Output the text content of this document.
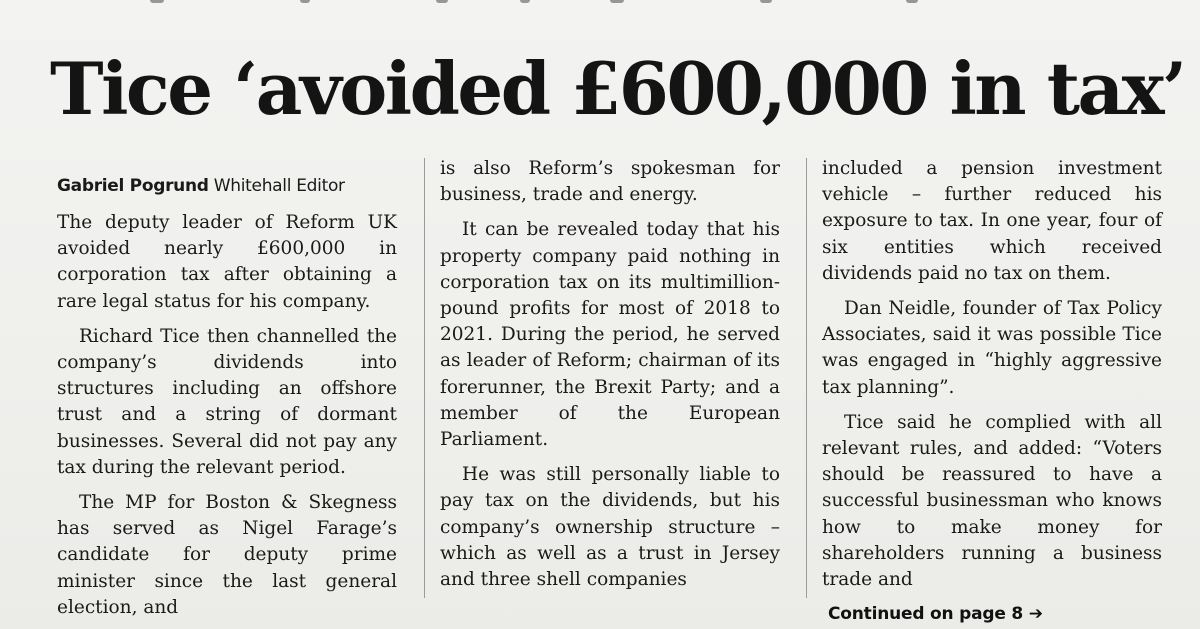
Tice ‘avoided £600,000 in tax’
Gabriel Pogrund Whitehall Editor

The deputy leader of Reform UK avoided nearly £600,000 in corporation tax after obtaining a rare legal status for his company.

Richard Tice then channelled the company’s dividends into structures including an offshore trust and a string of dormant businesses. Several did not pay any tax during the relevant period.

The MP for Boston & Skegness has served as Nigel Farage’s candidate for deputy prime minister since the last general election, and

is also Reform’s spokesman for business, trade and energy.

It can be revealed today that his property company paid nothing in corporation tax on its multimillion-pound profits for most of 2018 to 2021. During the period, he served as leader of Reform; chairman of its forerunner, the Brexit Party; and a member of the European Parliament.

He was still personally liable to pay tax on the dividends, but his company’s ownership structure – which as well as a trust in Jersey and three shell companies

included a pension investment vehicle – further reduced his exposure to tax. In one year, four of six entities which received dividends paid no tax on them.

Dan Neidle, founder of Tax Policy Associates, said it was possible Tice was engaged in “highly aggressive tax planning”.

Tice said he complied with all relevant rules, and added: “Voters should be reassured to have a successful businessman who knows how to make money for shareholders running a business trade and

Continued on page 8 ➔
